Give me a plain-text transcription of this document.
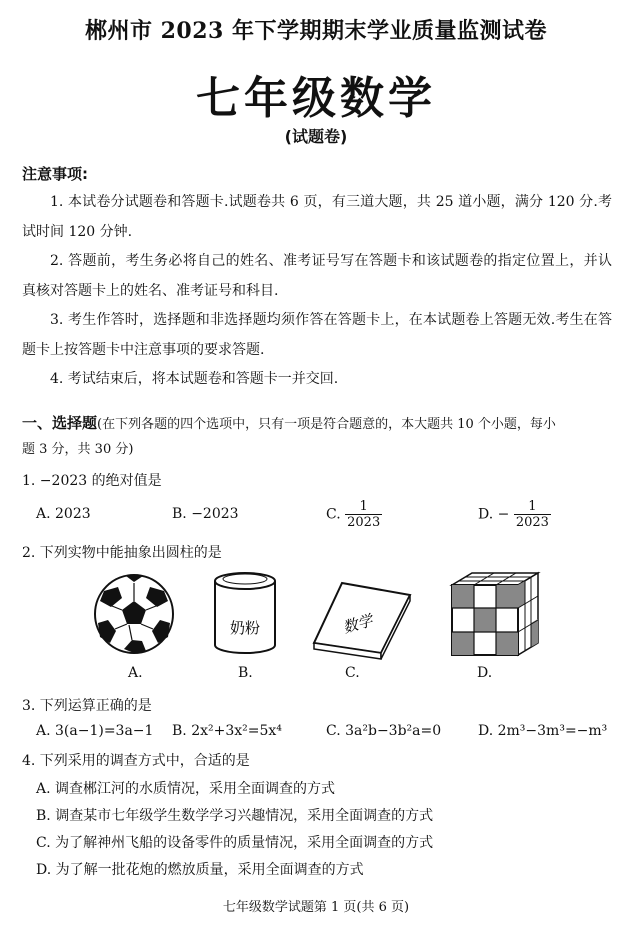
郴州市 2023 年下学期期末学业质量监测试卷
七年级数学
(试题卷)
注意事项:
1. 本试卷分试题卷和答题卡.试题卷共 6 页，有三道大题，共 25 道小题，满分 120 分.考试时间 120 分钟.
2. 答题前，考生务必将自己的姓名、准考证号写在答题卡和该试题卷的指定位置上，并认真核对答题卡上的姓名、准考证号和科目.
3. 考生作答时，选择题和非选择题均须作答在答题卡上，在本试题卷上答题无效.考生在答题卡上按答题卡中注意事项的要求答题.
4. 考试结束后，将本试题卷和答题卡一并交回.
一、选择题(在下列各题的四个选项中，只有一项是符合题意的，本大题共 10 个小题，每小
题 3 分，共 30 分)
1. −2023 的绝对值是
A. 2023	B. −2023	C. $\frac{1}{2023}$	D. − $\frac{1}{2023}$
2. 下列实物中能抽象出圆柱的是
奶粉	数学
A.	B.	C.	D.
3. 下列运算正确的是
A. 3(a−1)=3a−1 B. 2x²+3x²=5x⁴	C. 3a²b−3b²a=0	D. 2m³−3m³=−m³
4. 下列采用的调查方式中，合适的是
A. 调查郴江河的水质情况，采用全面调查的方式
B. 调查某市七年级学生数学学习兴趣情况，采用全面调查的方式
C. 为了解神州飞船的设备零件的质量情况，采用全面调查的方式
D. 为了解一批花炮的燃放质量，采用全面调查的方式
七年级数学试题第 1 页(共 6 页)
